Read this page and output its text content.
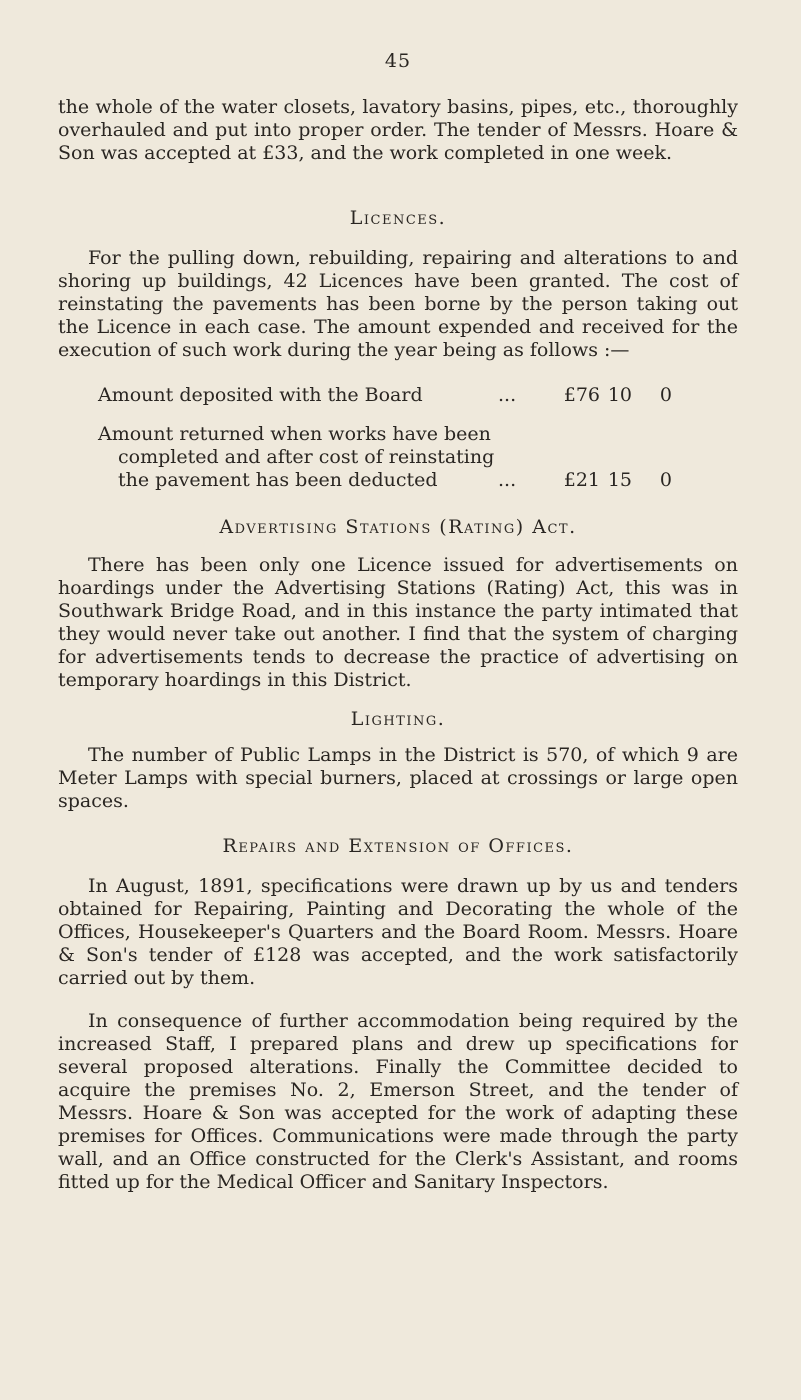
45

the whole of the water closets, lavatory basins, pipes, etc., thoroughly overhauled and put into proper order. The tender of Messrs. Hoare & Son was accepted at £33, and the work completed in one week.

Licences.

For the pulling down, rebuilding, repairing and alterations to and shoring up buildings, 42 Licences have been granted. The cost of reinstating the pavements has been borne by the person taking out the Licence in each case. The amount expended and received for the execution of such work during the year being as follows :—

Amount deposited with the Board	...	£76 10	0
Amount returned when works have been
completed and after cost of reinstating the pavement has been deducted	...	£21 15	0
Advertising Stations (Rating) Act.

There has been only one Licence issued for advertisements on hoardings under the Advertising Stations (Rating) Act, this was in Southwark Bridge Road, and in this instance the party intimated that they would never take out another. I find that the system of charging for advertisements tends to decrease the practice of advertising on temporary hoardings in this District.

Lighting.

The number of Public Lamps in the District is 570, of which 9 are Meter Lamps with special burners, placed at crossings or large open spaces.

Repairs and Extension of Offices.

In August, 1891, specifications were drawn up by us and tenders obtained for Repairing, Painting and Decorating the whole of the Offices, Housekeeper's Quarters and the Board Room. Messrs. Hoare & Son's tender of £128 was accepted, and the work satisfactorily carried out by them.

In consequence of further accommodation being required by the increased Staff, I prepared plans and drew up specifications for several proposed alterations. Finally the Committee decided to acquire the premises No. 2, Emerson Street, and the tender of Messrs. Hoare & Son was accepted for the work of adapting these premises for Offices. Communications were made through the party wall, and an Office constructed for the Clerk's Assistant, and rooms fitted up for the Medical Officer and Sanitary Inspectors.
